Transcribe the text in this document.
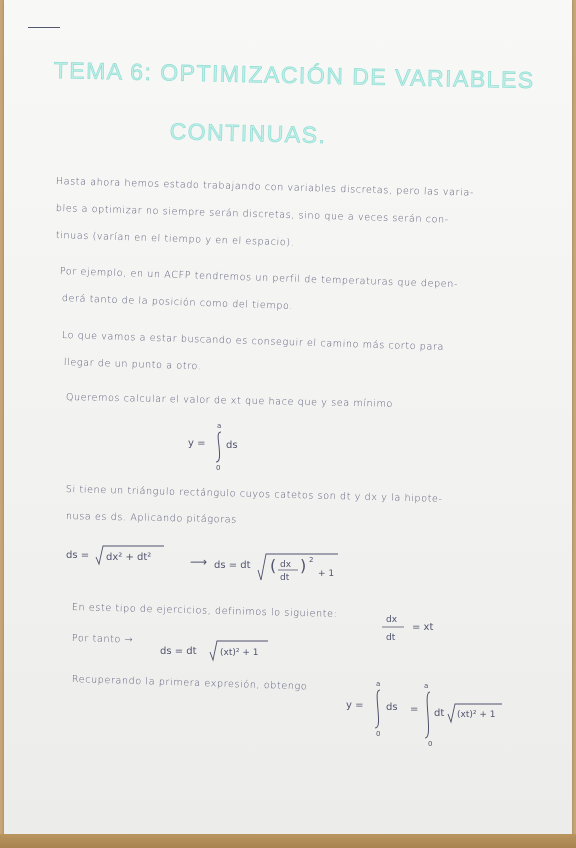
TEMA 6: OPTIMIZACIÓN DE VARIABLES
CONTINUAS.
Hasta ahora hemos estado trabajando con variables discretas, pero las varia-
bles a optimizar no siempre serán discretas, sino que a veces serán con-
tinuas (varían en el tiempo y en el espacio).
Por ejemplo, en un ACFP tendremos un perfil de temperaturas que depen-
derá tanto de la posición como del tiempo.
Lo que vamos a estar buscando es conseguir el camino más corto para
llegar de un punto a otro.
Queremos calcular el valor de xt que hace que y sea mínimo
y =
a
0
ds
Si tiene un triángulo rectángulo cuyos catetos son dt y dx y la hipote-
nusa es ds. Aplicando pitágoras
ds = dx² + dt²	⟶ ds = dt ( dx
dt
) 2
+ 1
En este tipo de ejercicios, definimos lo siguiente:
dx
dt
= xt
Por tanto →
ds = dt	(xt)² + 1
Recuperando la primera expresión, obtengo
y =
a
0
ds =
a
0
dt (xt)² + 1
